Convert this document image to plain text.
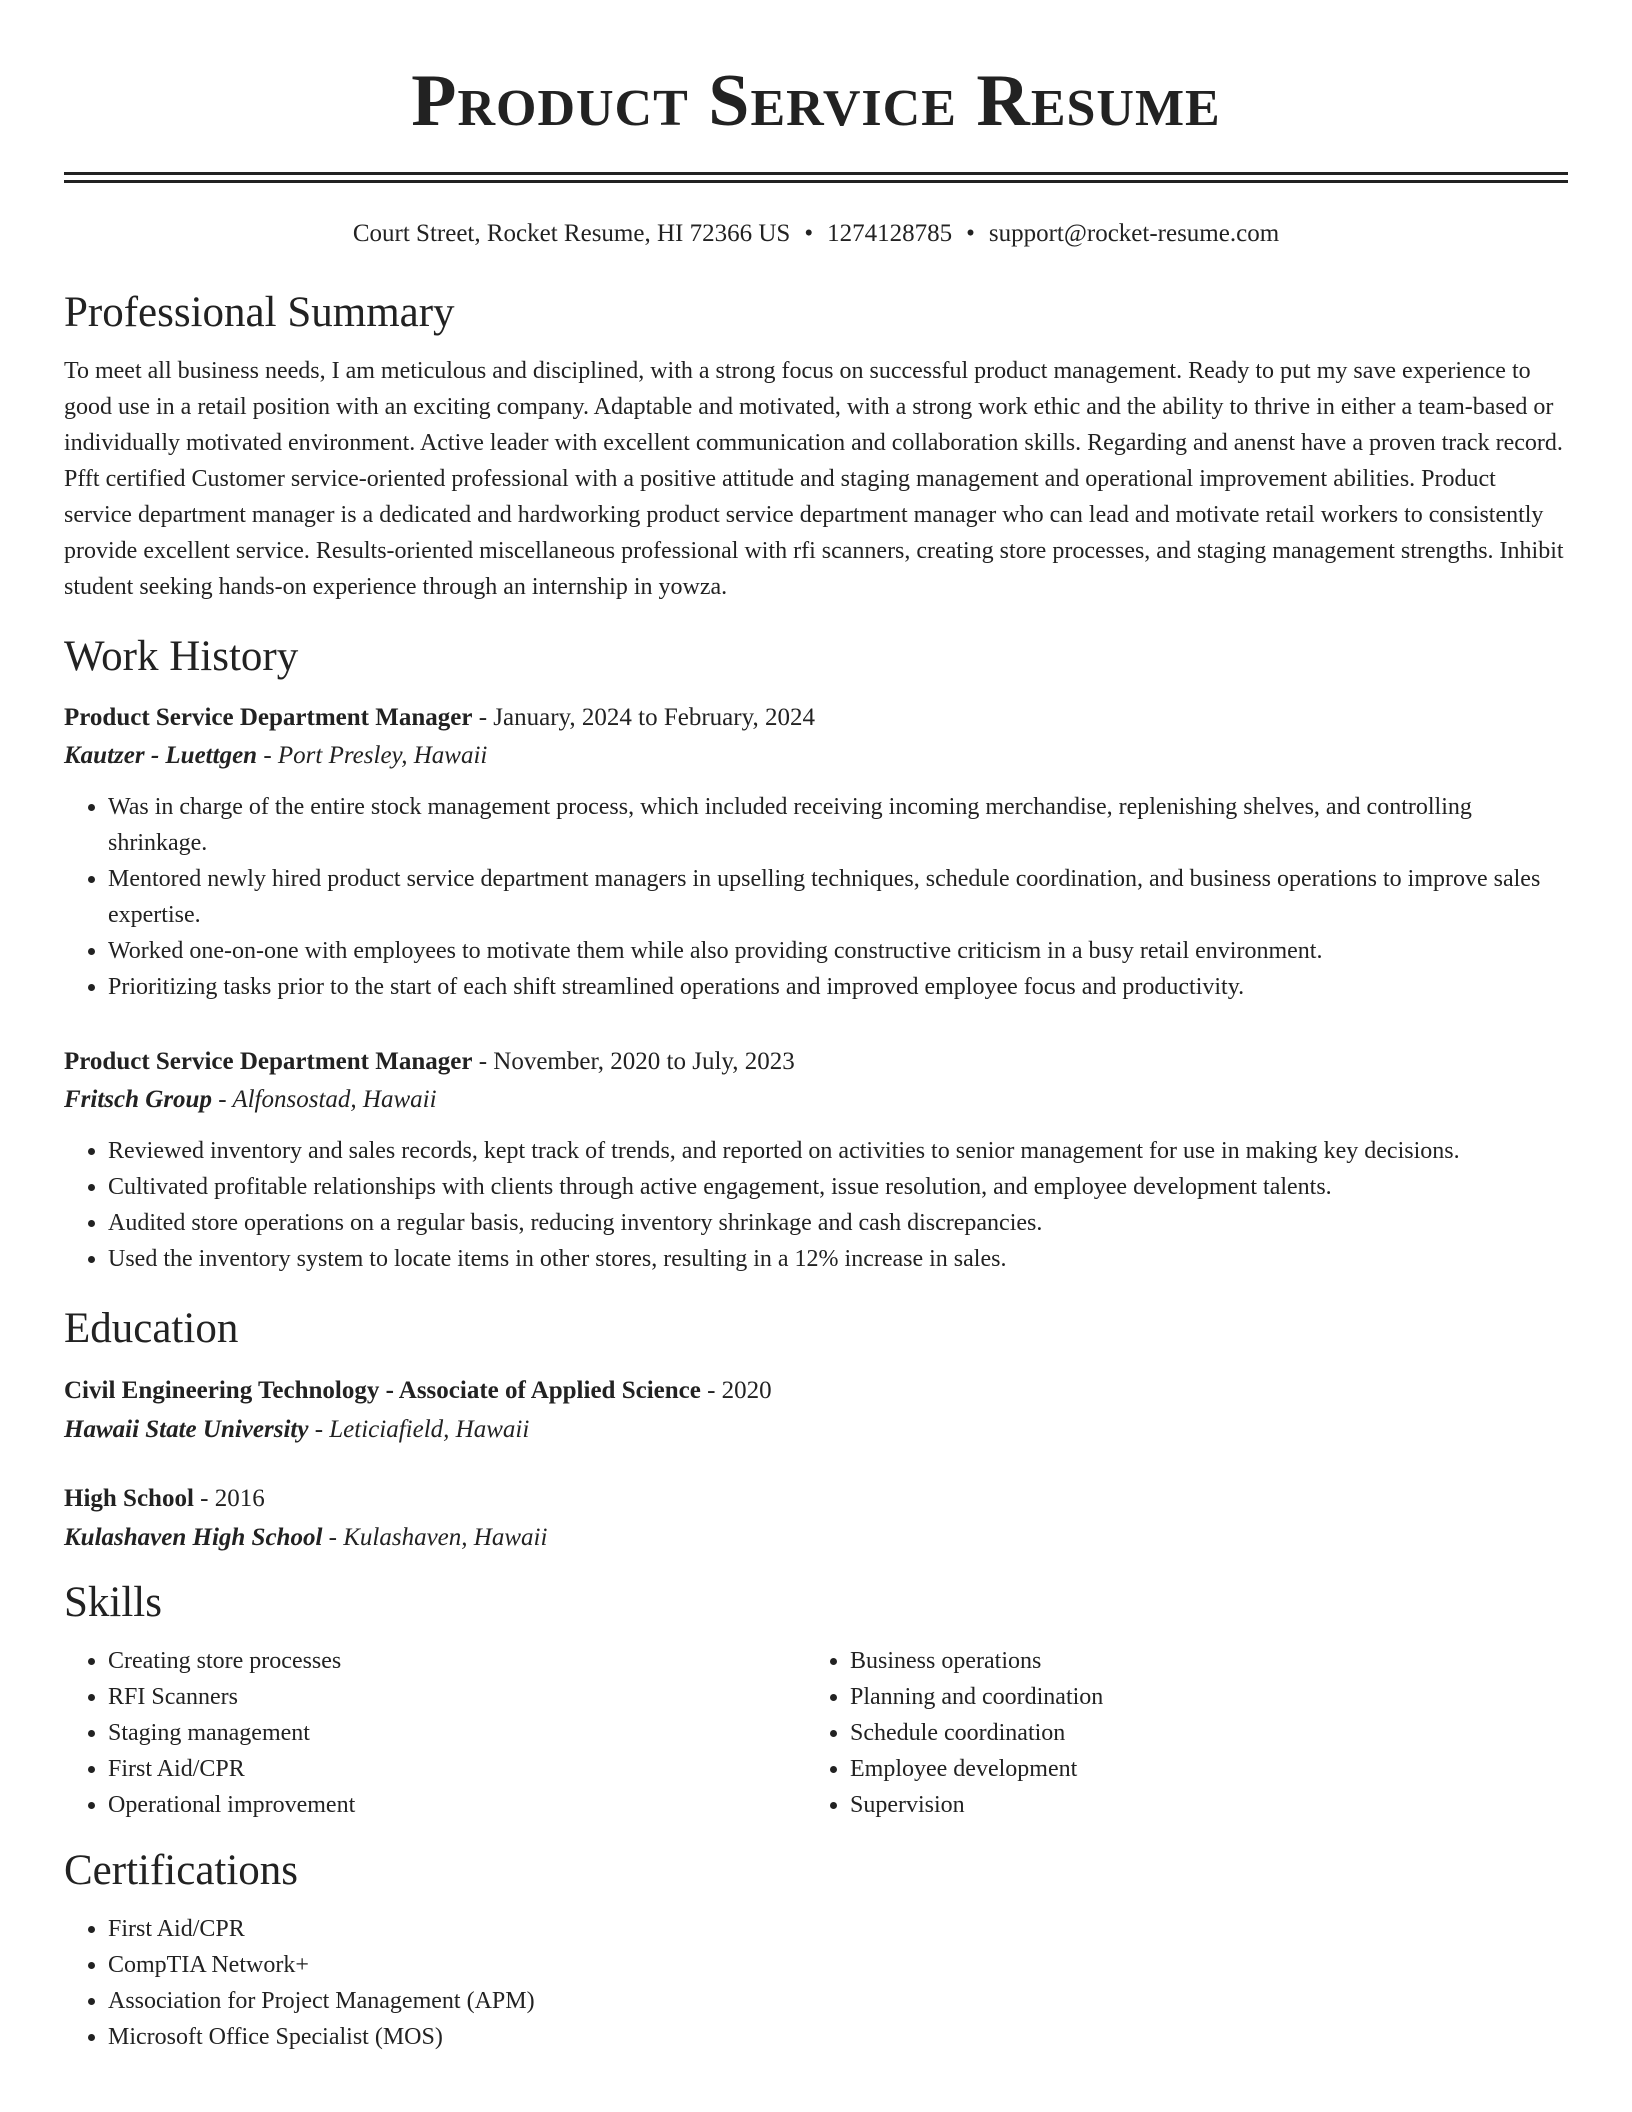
Product Service Resume
Court Street, Rocket Resume, HI 72366 US • 1274128785 • support@rocket-resume.com
Professional Summary
To meet all business needs, I am meticulous and disciplined, with a strong focus on successful product management. Ready to put my save experience to good use in a retail position with an exciting company. Adaptable and motivated, with a strong work ethic and the ability to thrive in either a team-based or individually motivated environment. Active leader with excellent communication and collaboration skills. Regarding and anenst have a proven track record. Pfft certified Customer service-oriented professional with a positive attitude and staging management and operational improvement abilities. Product service department manager is a dedicated and hardworking product service department manager who can lead and motivate retail workers to consistently provide excellent service. Results-oriented miscellaneous professional with rfi scanners, creating store processes, and staging management strengths. Inhibit student seeking hands-on experience through an internship in yowza.
Work History
Product Service Department Manager - January, 2024 to February, 2024
Kautzer - Luettgen - Port Presley, Hawaii
• Was in charge of the entire stock management process, which included receiving incoming merchandise, replenishing shelves, and controlling shrinkage.
• Mentored newly hired product service department managers in upselling techniques, schedule coordination, and business operations to improve sales expertise.
• Worked one-on-one with employees to motivate them while also providing constructive criticism in a busy retail environment.
• Prioritizing tasks prior to the start of each shift streamlined operations and improved employee focus and productivity.
Product Service Department Manager - November, 2020 to July, 2023
Fritsch Group - Alfonsostad, Hawaii
• Reviewed inventory and sales records, kept track of trends, and reported on activities to senior management for use in making key decisions.
• Cultivated profitable relationships with clients through active engagement, issue resolution, and employee development talents.
• Audited store operations on a regular basis, reducing inventory shrinkage and cash discrepancies.
• Used the inventory system to locate items in other stores, resulting in a 12% increase in sales.
Education
Civil Engineering Technology - Associate of Applied Science - 2020
Hawaii State University - Leticiafield, Hawaii
High School - 2016
Kulashaven High School - Kulashaven, Hawaii
Skills
• Creating store processes
• RFI Scanners
• Staging management
• First Aid/CPR
• Operational improvement
• Business operations
• Planning and coordination
• Schedule coordination
• Employee development
• Supervision
Certifications
• First Aid/CPR
• CompTIA Network+
• Association for Project Management (APM)
• Microsoft Office Specialist (MOS)
